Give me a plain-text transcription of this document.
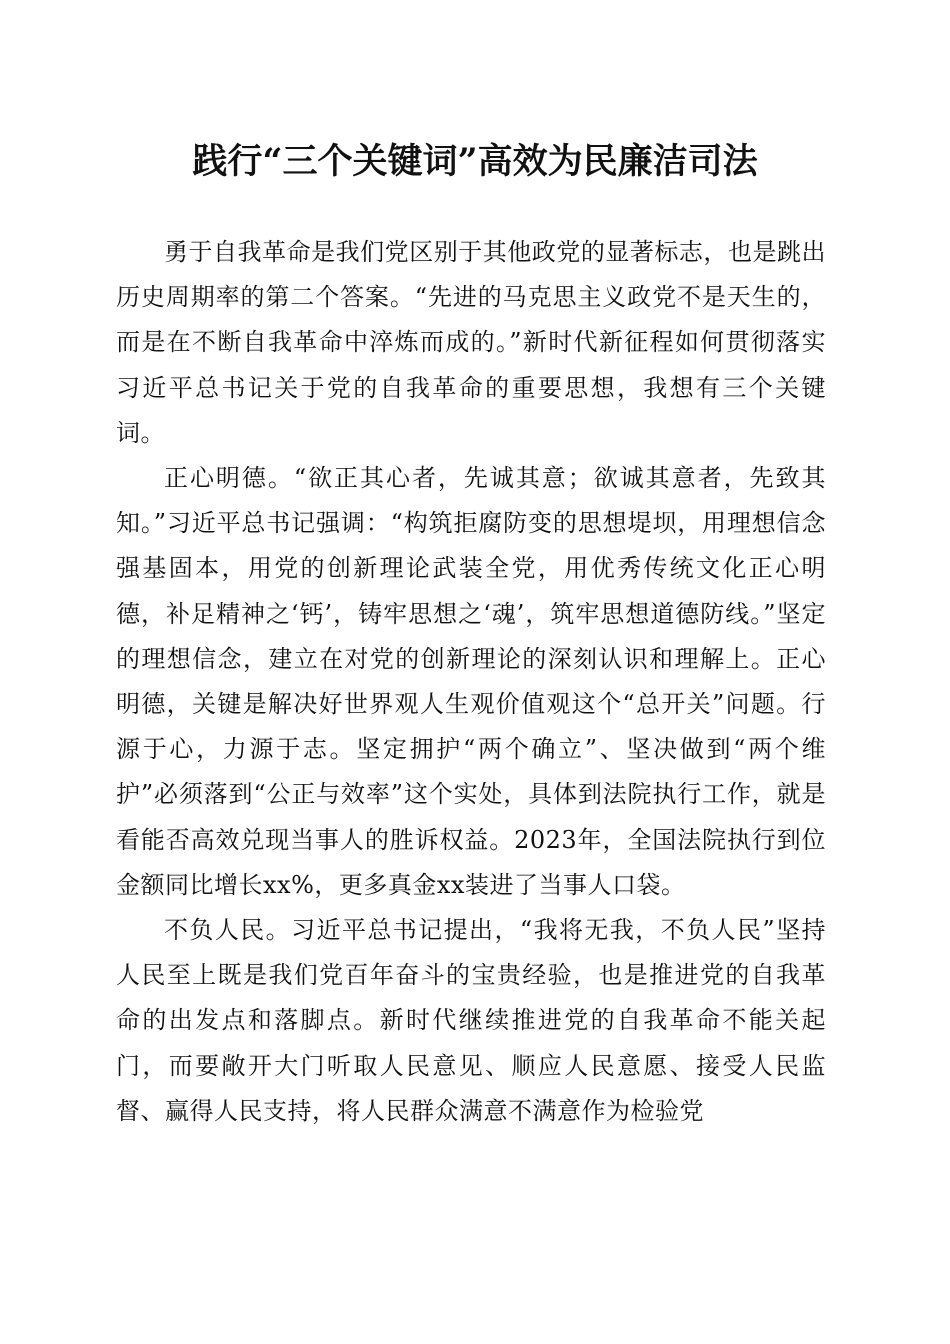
践行“三个关键词”高效为民廉洁司法

勇于自我革命是我们党区别于其他政党的显著标志，也是跳出历史周期率的第二个答案。“先进的马克思主义政党不是天生的，而是在不断自我革命中淬炼而成的。”新时代新征程如何贯彻落实习近平总书记关于党的自我革命的重要思想，我想有三个关键词。

正心明德。“欲正其心者，先诚其意；欲诚其意者，先致其知。”习近平总书记强调：“构筑拒腐防变的思想堤坝，用理想信念强基固本，用党的创新理论武装全党，用优秀传统文化正心明德，补足精神之‘钙’，铸牢思想之‘魂’，筑牢思想道德防线。”坚定的理想信念，建立在对党的创新理论的深刻认识和理解上。正心明德，关键是解决好世界观人生观价值观这个“总开关”问题。行源于心，力源于志。坚定拥护“两个确立”、坚决做到“两个维护”必须落到“公正与效率”这个实处，具体到法院执行工作，就是看能否高效兑现当事人的胜诉权益。2023年，全国法院执行到位金额同比增长xx%，更多真金xx装进了当事人口袋。

不负人民。习近平总书记提出，“我将无我，不负人民”坚持人民至上既是我们党百年奋斗的宝贵经验，也是推进党的自我革命的出发点和落脚点。新时代继续推进党的自我革命不能关起门，而要敞开大门听取人民意见、顺应人民意愿、接受人民监督、赢得人民支持，将人民群众满意不满意作为检验党
